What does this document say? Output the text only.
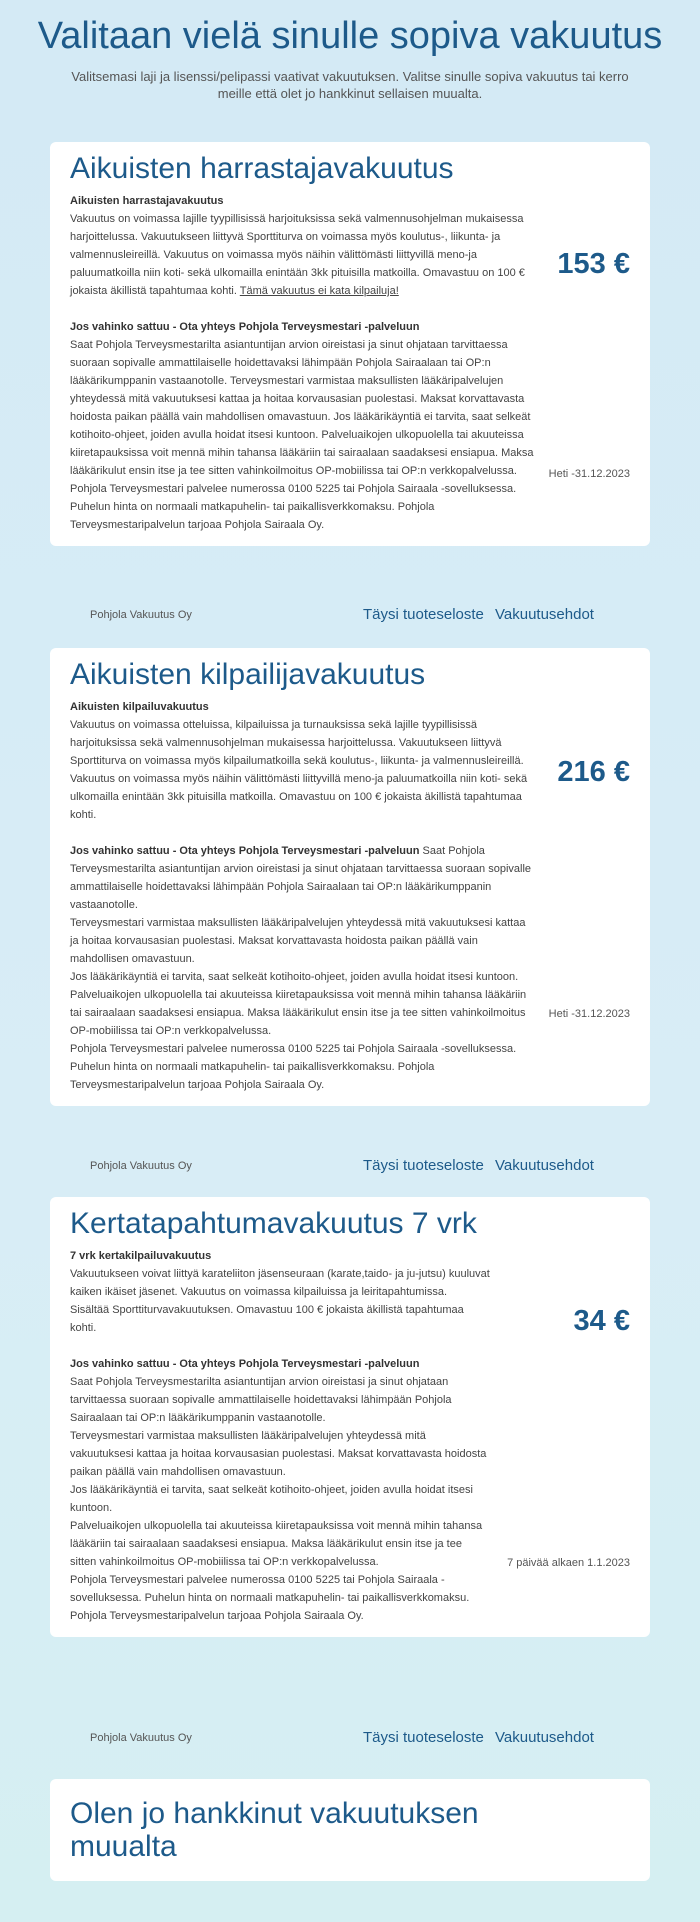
Valitaan vielä sinulle sopiva vakuutus

Valitsemasi laji ja lisenssi/pelipassi vaativat vakuutuksen. Valitse sinulle sopiva vakuutus tai kerro meille että olet jo hankkinut sellaisen muualta.

Aikuisten harrastajavakuutus
Aikuisten harrastajavakuutus

Vakuutus on voimassa lajille tyypillisissä harjoituksissa sekä valmennusohjelman mukaisessa harjoittelussa. Vakuutukseen liittyvä Sporttiturva on voimassa myös koulutus-, liikunta- ja valmennusleireillä. Vakuutus on voimassa myös näihin välittömästi liittyvillä meno-ja paluumatkoilla niin koti- sekä ulkomailla enintään 3kk pituisilla matkoilla. Omavastuu on 100 € jokaista äkillistä tapahtumaa kohti. Tämä vakuutus ei kata kilpailuja!

Jos vahinko sattuu - Ota yhteys Pohjola Terveysmestari -palveluun

Saat Pohjola Terveysmestarilta asiantuntijan arvion oireistasi ja sinut ohjataan tarvittaessa suoraan sopivalle ammattilaiselle hoidettavaksi lähimpään Pohjola Sairaalaan tai OP:n lääkärikumppanin vastaanotolle. Terveysmestari varmistaa maksullisten lääkäripalvelujen yhteydessä mitä vakuutuksesi kattaa ja hoitaa korvausasian puolestasi. Maksat korvattavasta hoidosta paikan päällä vain mahdollisen omavastuun. Jos lääkärikäyntiä ei tarvita, saat selkeät kotihoito-ohjeet, joiden avulla hoidat itsesi kuntoon. Palveluaikojen ulkopuolella tai akuuteissa kiiretapauksissa voit mennä mihin tahansa lääkäriin tai sairaalaan saadaksesi ensiapua. Maksa lääkärikulut ensin itse ja tee sitten vahinkoilmoitus OP-mobiilissa tai OP:n verkkopalvelussa. Pohjola Terveysmestari palvelee numerossa 0100 5225 tai Pohjola Sairaala -sovelluksessa. Puhelun hinta on normaali matkapuhelin- tai paikallisverkkomaksu. Pohjola Terveysmestaripalvelun tarjoaa Pohjola Sairaala Oy.

153 €
Heti -31.12.2023
Pohjola Vakuutus Oy	Täysi tuoteseloste Vakuutusehdot
Aikuisten kilpailijavakuutus
Aikuisten kilpailuvakuutus

Vakuutus on voimassa otteluissa, kilpailuissa ja turnauksissa sekä lajille tyypillisissä harjoituksissa sekä valmennusohjelman mukaisessa harjoittelussa. Vakuutukseen liittyvä Sporttiturva on voimassa myös kilpailumatkoilla sekä koulutus-, liikunta- ja valmennusleireillä. Vakuutus on voimassa myös näihin välittömästi liittyvillä meno-ja paluumatkoilla niin koti- sekä ulkomailla enintään 3kk pituisilla matkoilla. Omavastuu on 100 € jokaista äkillistä tapahtumaa kohti.

Jos vahinko sattuu - Ota yhteys Pohjola Terveysmestari -palveluun Saat Pohjola Terveysmestarilta asiantuntijan arvion oireistasi ja sinut ohjataan tarvittaessa suoraan sopivalle ammattilaiselle hoidettavaksi lähimpään Pohjola Sairaalaan tai OP:n lääkärikumppanin vastaanotolle.

Terveysmestari varmistaa maksullisten lääkäripalvelujen yhteydessä mitä vakuutuksesi kattaa ja hoitaa korvausasian puolestasi. Maksat korvattavasta hoidosta paikan päällä vain mahdollisen omavastuun.

Jos lääkärikäyntiä ei tarvita, saat selkeät kotihoito-ohjeet, joiden avulla hoidat itsesi kuntoon.

Palveluaikojen ulkopuolella tai akuuteissa kiiretapauksissa voit mennä mihin tahansa lääkäriin tai sairaalaan saadaksesi ensiapua. Maksa lääkärikulut ensin itse ja tee sitten vahinkoilmoitus OP-mobiilissa tai OP:n verkkopalvelussa.

Pohjola Terveysmestari palvelee numerossa 0100 5225 tai Pohjola Sairaala -sovelluksessa. Puhelun hinta on normaali matkapuhelin- tai paikallisverkkomaksu. Pohjola Terveysmestaripalvelun tarjoaa Pohjola Sairaala Oy.

216 €
Heti -31.12.2023
Pohjola Vakuutus Oy	Täysi tuoteseloste Vakuutusehdot
Kertatapahtumavakuutus 7 vrk
7 vrk kertakilpailuvakuutus

Vakuutukseen voivat liittyä karateliiton jäsenseuraan (karate,taido- ja ju-jutsu) kuuluvat kaiken ikäiset jäsenet. Vakuutus on voimassa kilpailuissa ja leiritapahtumissa.

Sisältää Sporttiturvavakuutuksen. Omavastuu 100 € jokaista äkillistä tapahtumaa kohti.

Jos vahinko sattuu - Ota yhteys Pohjola Terveysmestari -palveluun

Saat Pohjola Terveysmestarilta asiantuntijan arvion oireistasi ja sinut ohjataan tarvittaessa suoraan sopivalle ammattilaiselle hoidettavaksi lähimpään Pohjola Sairaalaan tai OP:n lääkärikumppanin vastaanotolle.

Terveysmestari varmistaa maksullisten lääkäripalvelujen yhteydessä mitä vakuutuksesi kattaa ja hoitaa korvausasian puolestasi. Maksat korvattavasta hoidosta paikan päällä vain mahdollisen omavastuun.

Jos lääkärikäyntiä ei tarvita, saat selkeät kotihoito-ohjeet, joiden avulla hoidat itsesi kuntoon.

Palveluaikojen ulkopuolella tai akuuteissa kiiretapauksissa voit mennä mihin tahansa lääkäriin tai sairaalaan saadaksesi ensiapua. Maksa lääkärikulut ensin itse ja tee sitten vahinkoilmoitus OP-mobiilissa tai OP:n verkkopalvelussa.

Pohjola Terveysmestari palvelee numerossa 0100 5225 tai Pohjola Sairaala -sovelluksessa. Puhelun hinta on normaali matkapuhelin- tai paikallisverkkomaksu. Pohjola Terveysmestaripalvelun tarjoaa Pohjola Sairaala Oy.

34 €
7 päivää alkaen 1.1.2023
Pohjola Vakuutus Oy	Täysi tuoteseloste Vakuutusehdot
Olen jo hankkinut vakuutuksen muualta
